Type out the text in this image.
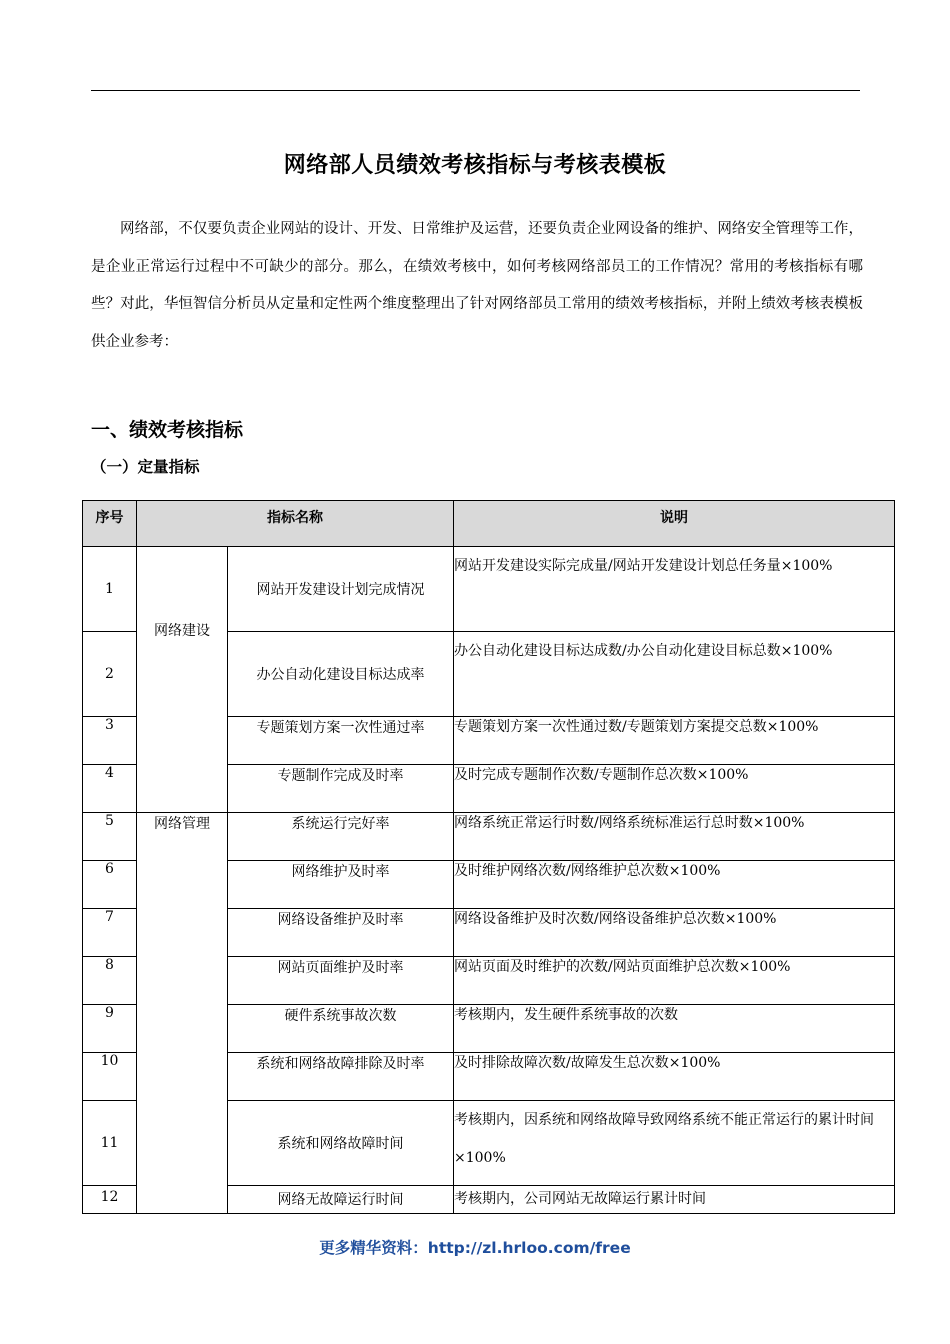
网络部人员绩效考核指标与考核表模板
网络部，不仅要负责企业网站的设计、开发、日常维护及运营，还要负责企业网设备的维护、网络安全管理等工作，是企业正常运行过程中不可缺少的部分。那么，在绩效考核中，如何考核网络部员工的工作情况？常用的考核指标有哪些？对此，华恒智信分析员从定量和定性两个维度整理出了针对网络部员工常用的绩效考核指标，并附上绩效考核表模板供企业参考：
一、绩效考核指标
（一）定量指标
序号	指标名称		说明
1	网络建设	网站开发建设计划完成情况	网站开发建设实际完成量/网站开发建设计划总任务量×100%
2		办公自动化建设目标达成率	办公自动化建设目标达成数/办公自动化建设目标总数×100%
3		专题策划方案一次性通过率	专题策划方案一次性通过数/专题策划方案提交总数×100%
4		专题制作完成及时率	及时完成专题制作次数/专题制作总次数×100%
5	网络管理	系统运行完好率	网络系统正常运行时数/网络系统标准运行总时数×100%
6		网络维护及时率	及时维护网络次数/网络维护总次数×100%
7		网络设备维护及时率	网络设备维护及时次数/网络设备维护总次数×100%
8		网站页面维护及时率	网站页面及时维护的次数/网站页面维护总次数×100%
9		硬件系统事故次数	考核期内，发生硬件系统事故的次数
10		系统和网络故障排除及时率	及时排除故障次数/故障发生总次数×100%
11		系统和网络故障时间	考核期内，因系统和网络故障导致网络系统不能正常运行的累计时间×100%
12		网络无故障运行时间	考核期内，公司网站无故障运行累计时间
更多精华资料：http://zl.hrloo.com/free
